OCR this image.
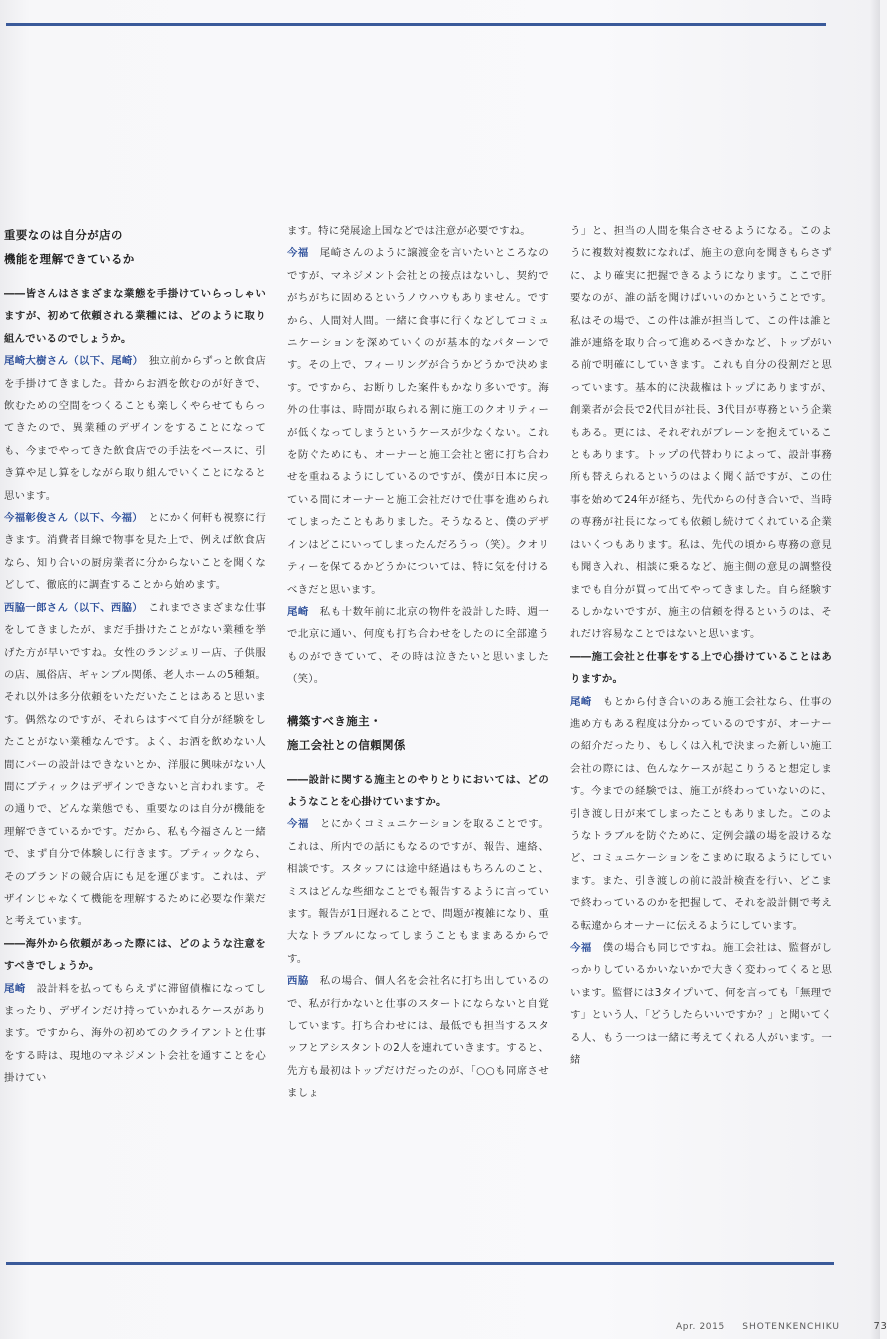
重要なのは自分が店の
機能を理解できているか

――皆さんはさまざまな業態を手掛けていらっしゃいますが、初めて依頼される業種には、どのように取り組んでいるのでしょうか。

尾崎大樹さん（以下、尾崎）　 独立前からずっと飲食店を手掛けてきました。昔からお酒を飲むのが好きで、飲むための空間をつくることも楽しくやらせてもらってきたので、異業種のデザインをすることになっても、今までやってきた飲食店での手法をベースに、引き算や足し算をしながら取り組んでいくことになると思います。

今福彰俊さん（以下、今福）　 とにかく何軒も視察に行きます。消費者目線で物事を見た上で、例えば飲食店なら、知り合いの厨房業者に分からないことを聞くなどして、徹底的に調査することから始めます。

西脇一郎さん（以下、西脇）　 これまでさまざまな仕事をしてきましたが、まだ手掛けたことがない業種を挙げた方が早いですね。女性のランジェリー店、子供服の店、風俗店、ギャンブル関係、老人ホームの5種類。それ以外は多分依頼をいただいたことはあると思います。偶然なのですが、それらはすべて自分が経験をしたことがない業種なんです。よく、お酒を飲めない人間にバーの設計はできないとか、洋服に興味がない人間にブティックはデザインできないと言われます。その通りで、どんな業態でも、重要なのは自分が機能を理解できているかです。だから、私も今福さんと一緒で、まず自分で体験しに行きます。ブティックなら、そのブランドの競合店にも足を運びます。これは、デザインじゃなくて機能を理解するために必要な作業だと考えています。

――海外から依頼があった際には、どのような注意をすべきでしょうか。

尾崎　 設計料を払ってもらえずに滞留債権になってしまったり、デザインだけ持っていかれるケースがあります。ですから、海外の初めてのクライアントと仕事をする時は、現地のマネジメント会社を通すことを心掛けてい

ます。特に発展途上国などでは注意が必要ですね。

今福　 尾崎さんのように譲渡金を言いたいところなのですが、マネジメント会社との接点はないし、契約でがちがちに固めるというノウハウもありません。ですから、人間対人間。一緒に食事に行くなどしてコミュニケーションを深めていくのが基本的なパターンです。その上で、フィーリングが合うかどうかで決めます。ですから、お断りした案件もかなり多いです。海外の仕事は、時間が取られる割に施工のクオリティーが低くなってしまうというケースが少なくない。これを防ぐためにも、オーナーと施工会社と密に打ち合わせを重ねるようにしているのですが、僕が日本に戻っている間にオーナーと施工会社だけで仕事を進められてしまったこともありました。そうなると、僕のデザインはどこにいってしまったんだろうっ（笑）。クオリティーを保てるかどうかについては、特に気を付けるべきだと思います。

尾崎　 私も十数年前に北京の物件を設計した時、週一で北京に通い、何度も打ち合わせをしたのに全部違うものができていて、その時は泣きたいと思いました（笑）。

構築すべき施主・
施工会社との信頼関係

――設計に関する施主とのやりとりにおいては、どのようなことを心掛けていますか。

今福　 とにかくコミュニケーションを取ることです。これは、所内での話にもなるのですが、報告、連絡、相談です。スタッフには途中経過はもちろんのこと、ミスはどんな些細なことでも報告するように言っています。報告が1日遅れることで、問題が複雑になり、重大なトラブルになってしまうこともままあるからです。

西脇　 私の場合、個人名を会社名に打ち出しているので、私が行かないと仕事のスタートにならないと自覚しています。打ち合わせには、最低でも担当するスタッフとアシスタントの2人を連れていきます。すると、先方も最初はトップだけだったのが、「○○も同席させましょ

う」と、担当の人間を集合させるようになる。このように複数対複数になれば、施主の意向を聞きもらさずに、より確実に把握できるようになります。ここで肝要なのが、誰の話を聞けばいいのかということです。私はその場で、この件は誰が担当して、この件は誰と誰が連絡を取り合って進めるべきかなど、トップがいる前で明確にしていきます。これも自分の役割だと思っています。基本的に決裁権はトップにありますが、創業者が会長で2代目が社長、3代目が専務という企業もある。更には、それぞれがブレーンを抱えていることもあります。トップの代替わりによって、設計事務所も替えられるというのはよく聞く話ですが、この仕事を始めて24年が経ち、先代からの付き合いで、当時の専務が社長になっても依頼し続けてくれている企業はいくつもあります。私は、先代の頃から専務の意見も聞き入れ、相談に乗るなど、施主側の意見の調整役までも自分が買って出てやってきました。自ら経験するしかないですが、施主の信頼を得るというのは、それだけ容易なことではないと思います。

――施工会社と仕事をする上で心掛けていることはありますか。

尾崎　 もとから付き合いのある施工会社なら、仕事の進め方もある程度は分かっているのですが、オーナーの紹介だったり、もしくは入札で決まった新しい施工会社の際には、色んなケースが起こりうると想定します。今までの経験では、施工が終わっていないのに、引き渡し日が来てしまったこともありました。このようなトラブルを防ぐために、定例会議の場を設けるなど、コミュニケーションをこまめに取るようにしています。また、引き渡しの前に設計検査を行い、どこまで終わっているのかを把握して、それを設計側で考える転違からオーナーに伝えるようにしています。

今福　 僕の場合も同じですね。施工会社は、監督がしっかりしているかいないかで大きく変わってくると思います。監督には3タイプいて、何を言っても「無理です」という人、「どうしたらいいですか？」と聞いてくる人、もう一つは一緒に考えてくれる人がいます。一緒

Apr. 2015 SHOTENKENCHIKU	73
